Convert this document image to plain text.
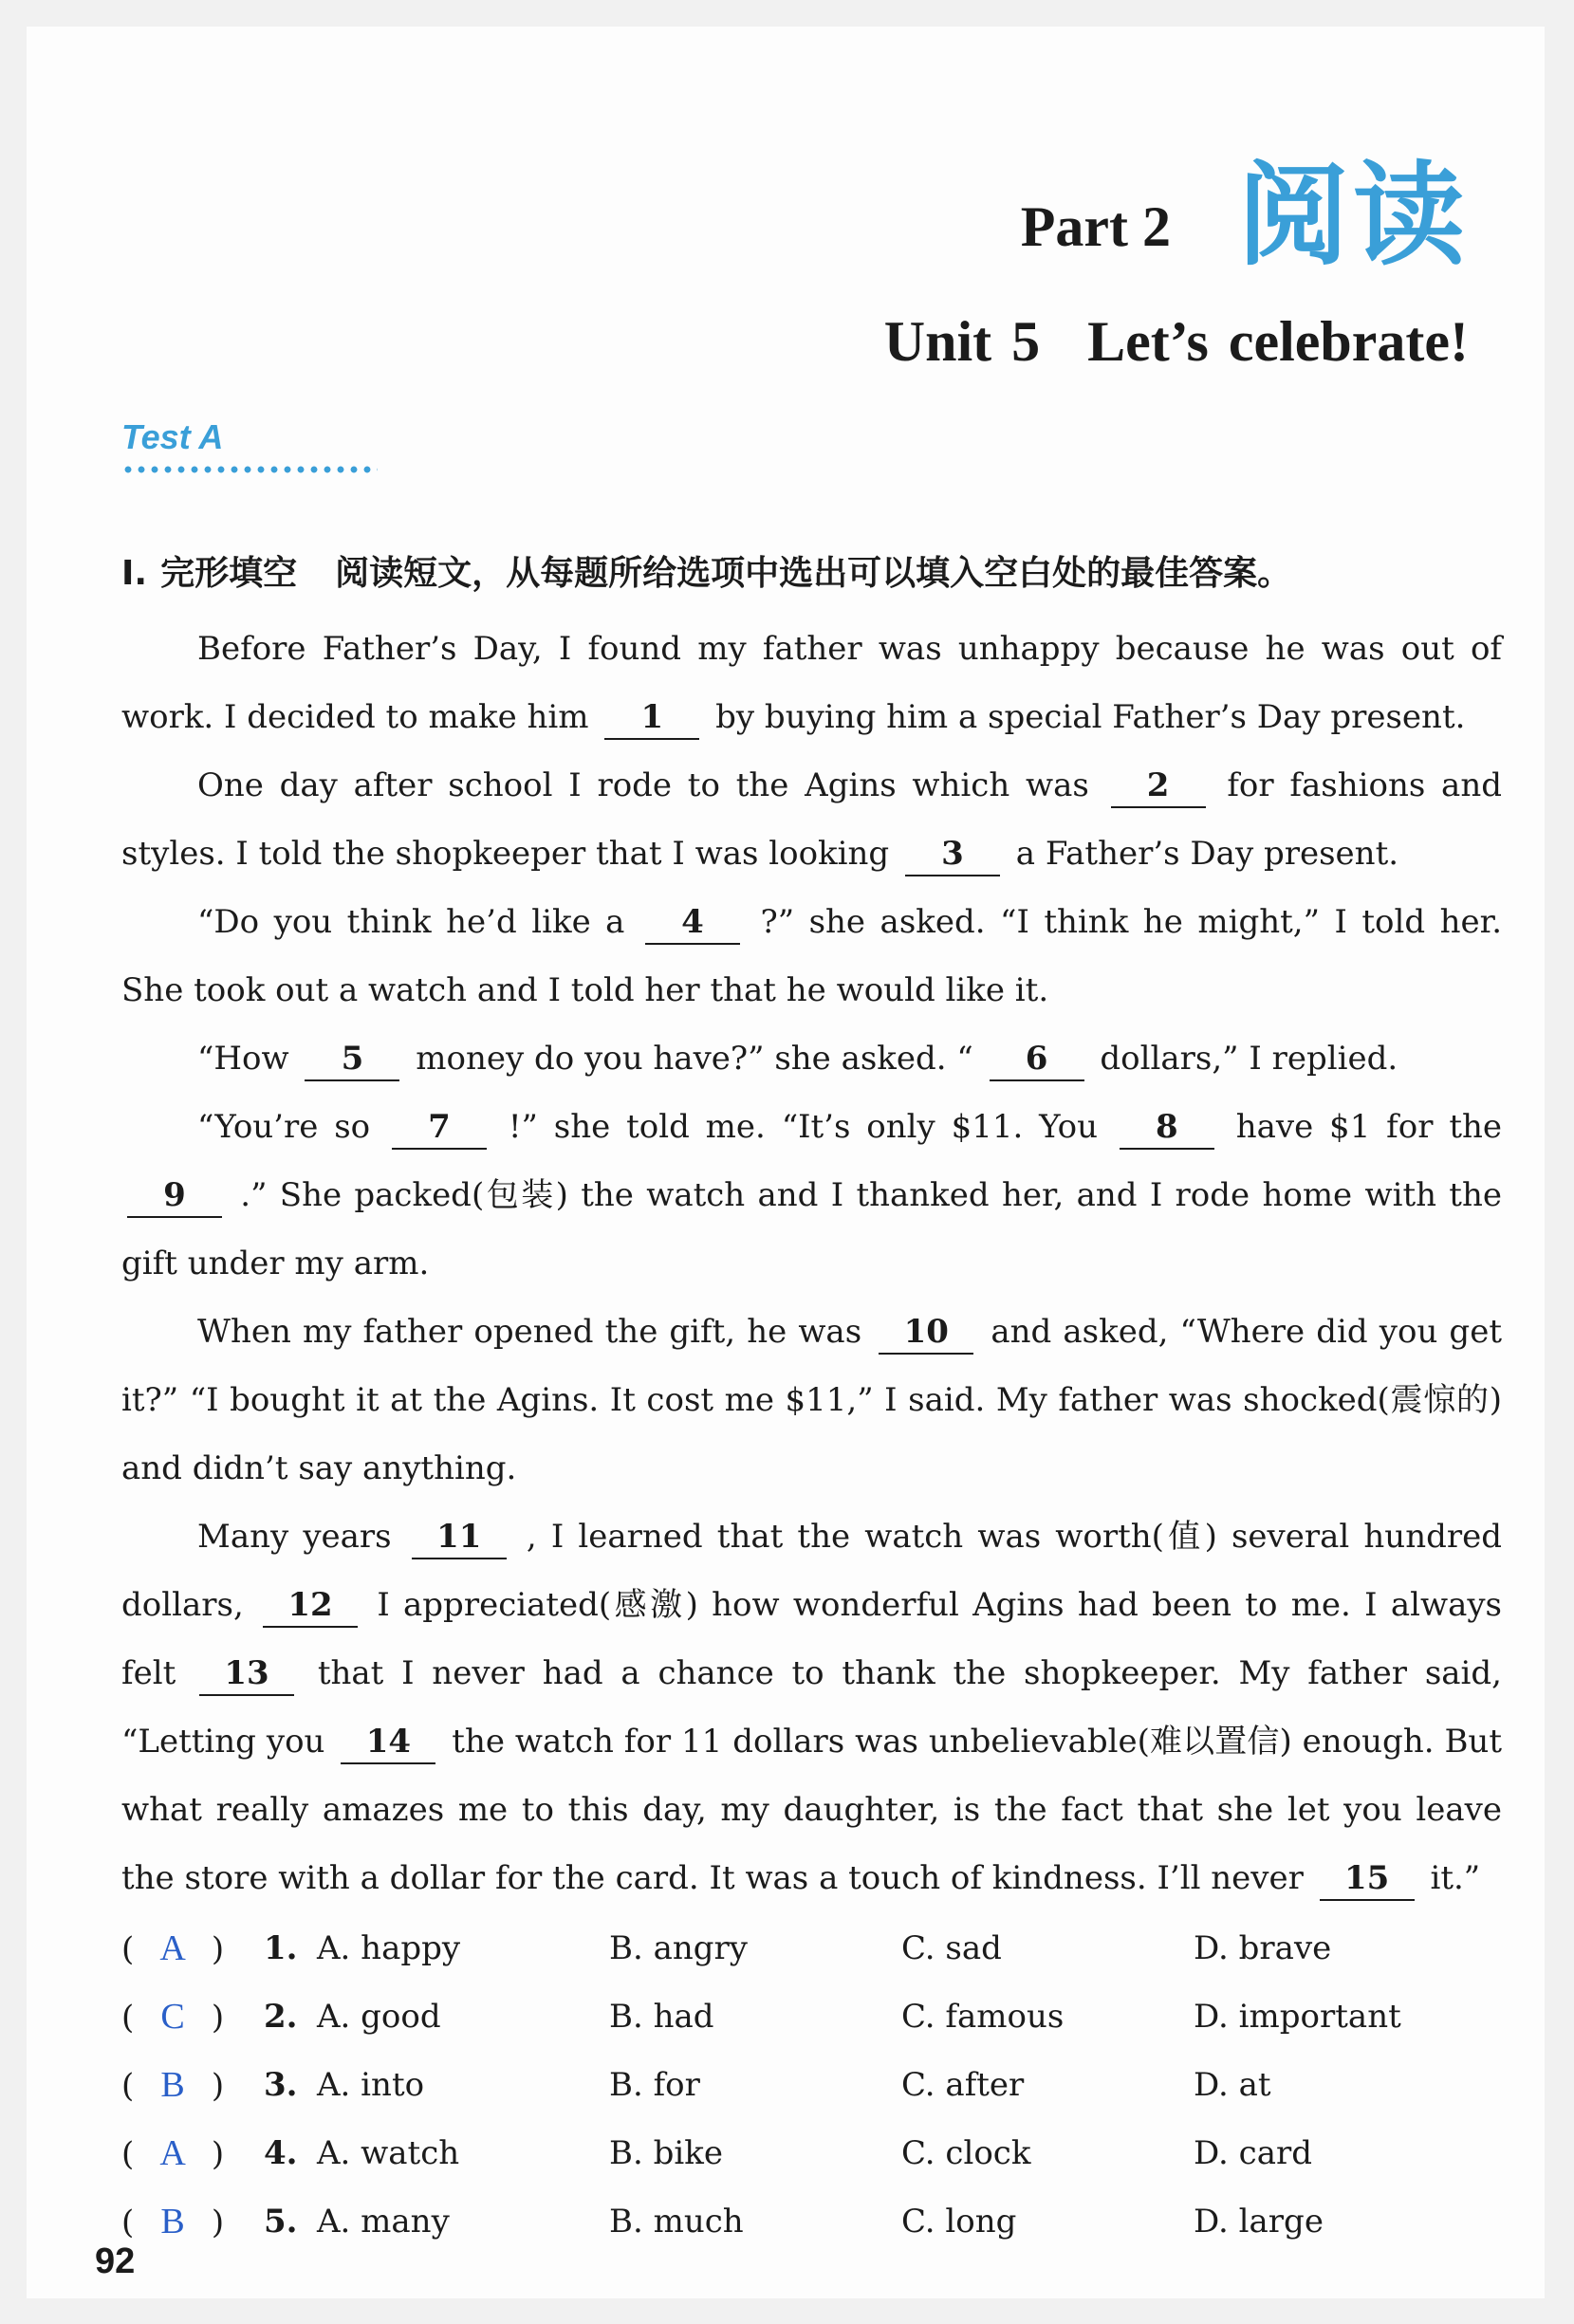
Part 2 阅读
Unit 5 Let’s celebrate!
Test A
I. 完形填空 阅读短文，从每题所给选项中选出可以填入空白处的最佳答案。

Before Father’s Day, I found my father was unhappy because he was out of work. I decided to make him 1 by buying him a special Father’s Day present.

One day after school I rode to the Agins which was 2 for fashions and styles. I told the shopkeeper that I was looking 3 a Father’s Day present.

“Do you think he’d like a 4 ?” she asked. “I think he might,” I told her. She took out a watch and I told her that he would like it.

“How 5 money do you have?” she asked. “ 6 dollars,” I replied.

“You’re so 7 !” she told me. “It’s only $11. You 8 have $1 for the 9 .” She packed(包装) the watch and I thanked her, and I rode home with the gift under my arm.

When my father opened the gift, he was 10 and asked, “Where did you get it?” “I bought it at the Agins. It cost me $11,” I said. My father was shocked(震惊的) and didn’t say anything.

Many years 11 , I learned that the watch was worth(值) several hundred dollars, 12 I appreciated(感激) how wonderful Agins had been to me. I always felt 13 that I never had a chance to thank the shopkeeper. My father said, “Letting you 14 the watch for 11 dollars was unbelievable(难以置信) enough. But what really amazes me to this day, my daughter, is the fact that she let you leave the store with a dollar for the card. It was a touch of kindness. I’ll never 15 it.”

( A )	1. A. happy	B. angry	C. sad	D. brave
( C )	2. A. good	B. had	C. famous	D. important
( B )	3. A. into	B. for	C. after	D. at
( A )	4. A. watch	B. bike	C. clock	D. card
( B )	5. A. many	B. much	C. long	D. large
92
